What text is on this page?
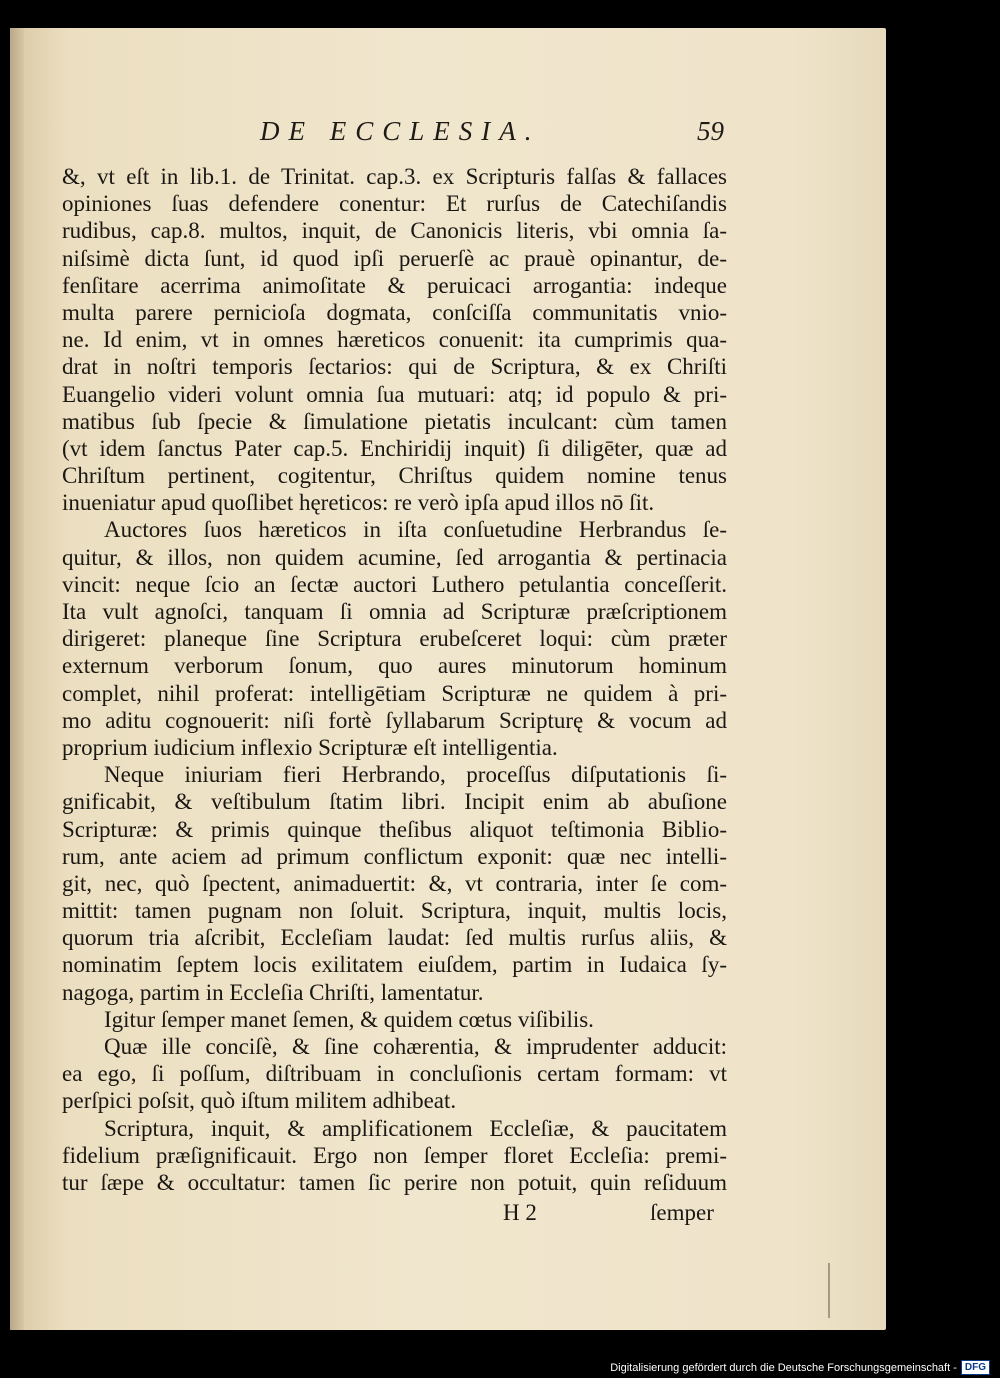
DE ECCLESIA.	59
&, vt eſt in lib.1. de Trinitat. cap.3. ex Scripturis falſas & fallaces
opiniones ſuas defendere conentur: Et rurſus de Catechiſandis
rudibus, cap.8. multos, inquit, de Canonicis literis, vbi omnia ſa-
niſsimè dicta ſunt, id quod ipſi peruerſè ac prauè opinantur, de-
fenſitare acerrima animoſitate & peruicaci arrogantia: indeque
multa parere pernicioſa dogmata, conſciſſa communitatis vnio-
ne. Id enim, vt in omnes hæreticos conuenit: ita cumprimis qua-
drat in noſtri temporis ſectarios: qui de Scriptura, & ex Chriſti
Euangelio videri volunt omnia ſua mutuari: atq; id populo & pri-
matibus ſub ſpecie & ſimulatione pietatis inculcant: cùm tamen
(vt idem ſanctus Pater cap.5. Enchiridij inquit) ſi diligēter, quæ ad
Chriſtum pertinent, cogitentur, Chriſtus quidem nomine tenus
inueniatur apud quoſlibet hęreticos: re verò ipſa apud illos nō ſit.
Auctores ſuos hæreticos in iſta conſuetudine Herbrandus ſe-
quitur, & illos, non quidem acumine, ſed arrogantia & pertinacia
vincit: neque ſcio an ſectæ auctori Luthero petulantia conceſſerit.
Ita vult agnoſci, tanquam ſi omnia ad Scripturæ præſcriptionem
dirigeret: planeque ſine Scriptura erubeſceret loqui: cùm præter
externum verborum ſonum, quo aures minutorum hominum
complet, nihil proferat: intelligētiam Scripturæ ne quidem à pri-
mo aditu cognouerit: niſi fortè ſyllabarum Scripturę & vocum ad
proprium iudicium inflexio Scripturæ eſt intelligentia.
Neque iniuriam fieri Herbrando, proceſſus diſputationis ſi-
gnificabit, & veſtibulum ſtatim libri. Incipit enim ab abuſione
Scripturæ: & primis quinque theſibus aliquot teſtimonia Biblio-
rum, ante aciem ad primum conflictum exponit: quæ nec intelli-
git, nec, quò ſpectent, animaduertit: &, vt contraria, inter ſe com-
mittit: tamen pugnam non ſoluit. Scriptura, inquit, multis locis,
quorum tria aſcribit, Eccleſiam laudat: ſed multis rurſus aliis, &
nominatim ſeptem locis exilitatem eiuſdem, partim in Iudaica ſy-
nagoga, partim in Eccleſia Chriſti, lamentatur.
Igitur ſemper manet ſemen, & quidem cœtus viſibilis.
Quæ ille conciſè, & ſine cohærentia, & imprudenter adducit:
ea ego, ſi poſſum, diſtribuam in concluſionis certam formam: vt
perſpici poſsit, quò iſtum militem adhibeat.
Scriptura, inquit, & amplificationem Eccleſiæ, & paucitatem
fidelium præſignificauit. Ergo non ſemper floret Eccleſia: premi-
tur ſæpe & occultatur: tamen ſic perire non potuit, quin reſiduum
H 2	ſemper
Digitalisierung gefördert durch die Deutsche Forschungsgemeinschaft - DFG
